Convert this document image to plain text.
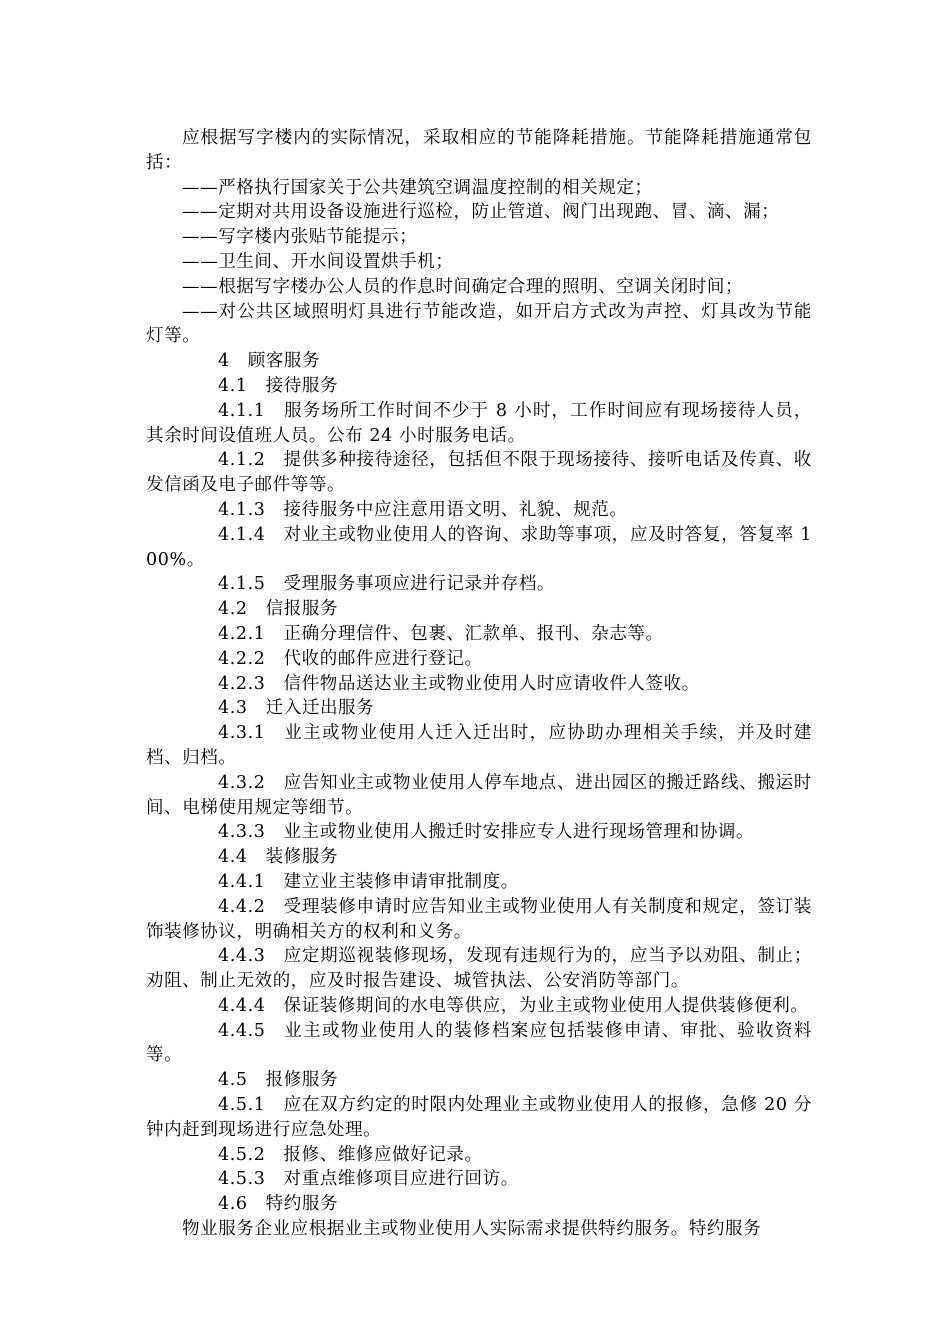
应根据写字楼内的实际情况，采取相应的节能降耗措施。节能降耗措施通常包括：

——严格执行国家关于公共建筑空调温度控制的相关规定；

——定期对共用设备设施进行巡检，防止管道、阀门出现跑、冒、滴、漏；

——写字楼内张贴节能提示；

——卫生间、开水间设置烘手机；

——根据写字楼办公人员的作息时间确定合理的照明、空调关闭时间；

——对公共区域照明灯具进行节能改造，如开启方式改为声控、灯具改为节能灯等。

4 顾客服务

4.1 接待服务

4.1.1 服务场所工作时间不少于 8 小时，工作时间应有现场接待人员，其余时间设值班人员。公布 24 小时服务电话。

4.1.2 提供多种接待途径，包括但不限于现场接待、接听电话及传真、收发信函及电子邮件等等。

4.1.3 接待服务中应注意用语文明、礼貌、规范。

4.1.4 对业主或物业使用人的咨询、求助等事项，应及时答复，答复率 100%。

4.1.5 受理服务事项应进行记录并存档。

4.2 信报服务

4.2.1 正确分理信件、包裹、汇款单、报刊、杂志等。

4.2.2 代收的邮件应进行登记。

4.2.3 信件物品送达业主或物业使用人时应请收件人签收。

4.3 迁入迁出服务

4.3.1 业主或物业使用人迁入迁出时，应协助办理相关手续，并及时建档、归档。

4.3.2 应告知业主或物业使用人停车地点、进出园区的搬迁路线、搬运时间、电梯使用规定等细节。

4.3.3 业主或物业使用人搬迁时安排应专人进行现场管理和协调。

4.4 装修服务

4.4.1 建立业主装修申请审批制度。

4.4.2 受理装修申请时应告知业主或物业使用人有关制度和规定，签订装饰装修协议，明确相关方的权利和义务。

4.4.3 应定期巡视装修现场，发现有违规行为的，应当予以劝阻、制止；劝阻、制止无效的，应及时报告建设、城管执法、公安消防等部门。

4.4.4 保证装修期间的水电等供应，为业主或物业使用人提供装修便利。

4.4.5 业主或物业使用人的装修档案应包括装修申请、审批、验收资料等。

4.5 报修服务

4.5.1 应在双方约定的时限内处理业主或物业使用人的报修，急修 20 分钟内赶到现场进行应急处理。

4.5.2 报修、维修应做好记录。

4.5.3 对重点维修项目应进行回访。

4.6 特约服务

物业服务企业应根据业主或物业使用人实际需求提供特约服务。特约服务
